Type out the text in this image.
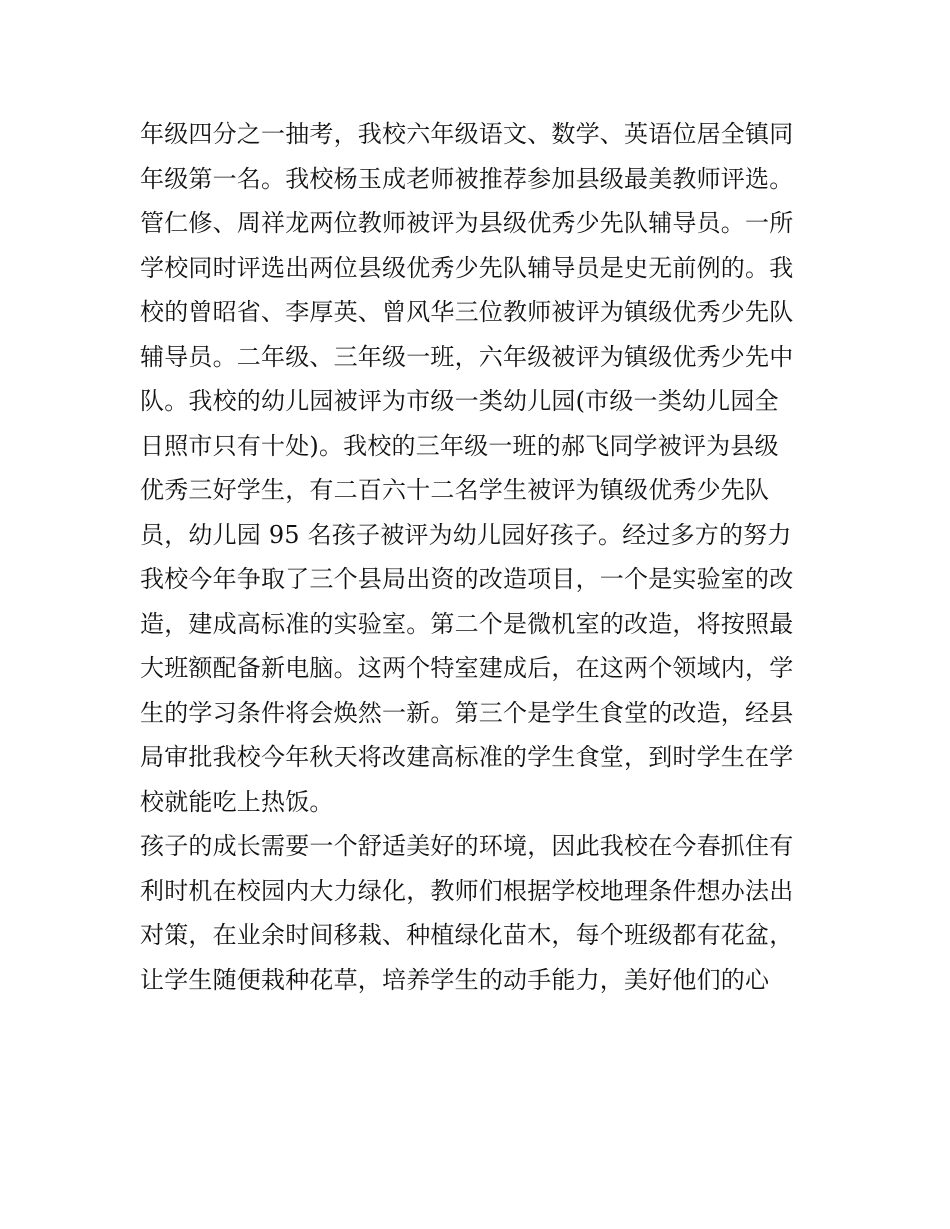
年级四分之一抽考，我校六年级语文、数学、英语位居全镇同
年级第一名。我校杨玉成老师被推荐参加县级最美教师评选。
管仁修、周祥龙两位教师被评为县级优秀少先队辅导员。一所
学校同时评选出两位县级优秀少先队辅导员是史无前例的。我
校的曾昭省、李厚英、曾风华三位教师被评为镇级优秀少先队
辅导员。二年级、三年级一班，六年级被评为镇级优秀少先中
队。我校的幼儿园被评为市级一类幼儿园(市级一类幼儿园全
日照市只有十处)。我校的三年级一班的郝飞同学被评为县级
优秀三好学生，有二百六十二名学生被评为镇级优秀少先队
员，幼儿园 95 名孩子被评为幼儿园好孩子。经过多方的努力
我校今年争取了三个县局出资的改造项目，一个是实验室的改
造，建成高标准的实验室。第二个是微机室的改造，将按照最
大班额配备新电脑。这两个特室建成后，在这两个领域内，学
生的学习条件将会焕然一新。第三个是学生食堂的改造，经县
局审批我校今年秋天将改建高标准的学生食堂，到时学生在学
校就能吃上热饭。
孩子的成长需要一个舒适美好的环境，因此我校在今春抓住有
利时机在校园内大力绿化，教师们根据学校地理条件想办法出
对策，在业余时间移栽、种植绿化苗木，每个班级都有花盆，
让学生随便栽种花草，培养学生的动手能力，美好他们的心
